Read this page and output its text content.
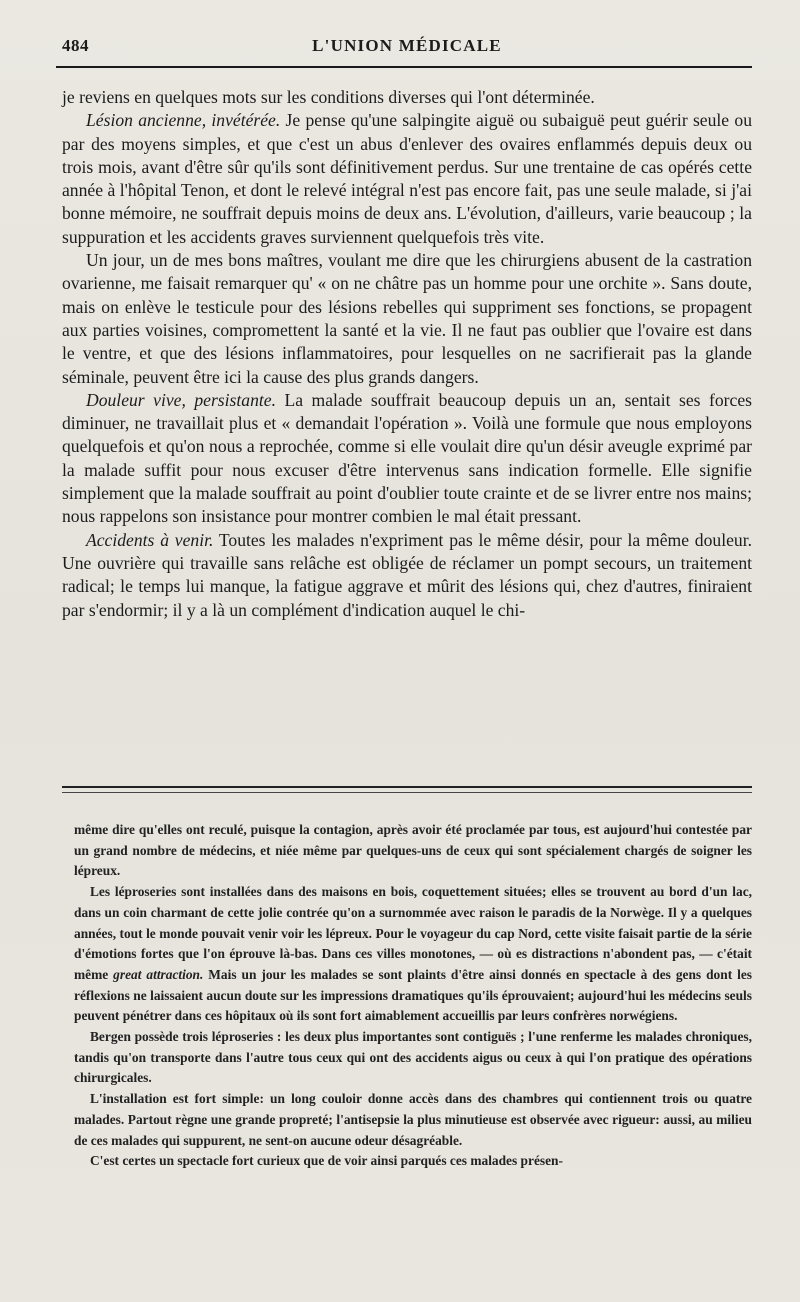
484	L'UNION MÉDICALE

je reviens en quelques mots sur les conditions diverses qui l'ont déterminée.

Lésion ancienne, invétérée. Je pense qu'une salpingite aiguë ou subaiguë peut guérir seule ou par des moyens simples, et que c'est un abus d'enlever des ovaires enflammés depuis deux ou trois mois, avant d'être sûr qu'ils sont définitivement perdus. Sur une trentaine de cas opérés cette année à l'hôpital Tenon, et dont le relevé intégral n'est pas encore fait, pas une seule malade, si j'ai bonne mémoire, ne souffrait depuis moins de deux ans. L'évolution, d'ailleurs, varie beaucoup ; la suppuration et les accidents graves surviennent quelquefois très vite.

Un jour, un de mes bons maîtres, voulant me dire que les chirurgiens abusent de la castration ovarienne, me faisait remarquer qu' « on ne châtre pas un homme pour une orchite ». Sans doute, mais on enlève le testicule pour des lésions rebelles qui suppriment ses fonctions, se propagent aux parties voisines, compromettent la santé et la vie. Il ne faut pas oublier que l'ovaire est dans le ventre, et que des lésions inflammatoires, pour lesquelles on ne sacrifierait pas la glande séminale, peuvent être ici la cause des plus grands dangers.

Douleur vive, persistante. La malade souffrait beaucoup depuis un an, sentait ses forces diminuer, ne travaillait plus et « demandait l'opération ». Voilà une formule que nous employons quelquefois et qu'on nous a reprochée, comme si elle voulait dire qu'un désir aveugle exprimé par la malade suffit pour nous excuser d'être intervenus sans indication formelle. Elle signifie simplement que la malade souffrait au point d'oublier toute crainte et de se livrer entre nos mains; nous rappelons son insistance pour montrer combien le mal était pressant.

Accidents à venir. Toutes les malades n'expriment pas le même désir, pour la même douleur. Une ouvrière qui travaille sans relâche est obligée de réclamer un pompt secours, un traitement radical; le temps lui manque, la fatigue aggrave et mûrit des lésions qui, chez d'autres, finiraient par s'endormir; il y a là un complément d'indication auquel le chi-

même dire qu'elles ont reculé, puisque la contagion, après avoir été proclamée par tous, est aujourd'hui contestée par un grand nombre de médecins, et niée même par quelques-uns de ceux qui sont spécialement chargés de soigner les lépreux.

Les léproseries sont installées dans des maisons en bois, coquettement situées; elles se trouvent au bord d'un lac, dans un coin charmant de cette jolie contrée qu'on a surnommée avec raison le paradis de la Norwège. Il y a quelques années, tout le monde pouvait venir voir les lépreux. Pour le voyageur du cap Nord, cette visite faisait partie de la série d'émotions fortes que l'on éprouve là-bas. Dans ces villes monotones, — où es distractions n'abondent pas, — c'était même great attraction. Mais un jour les malades se sont plaints d'être ainsi donnés en spectacle à des gens dont les réflexions ne laissaient aucun doute sur les impressions dramatiques qu'ils éprouvaient; aujourd'hui les médecins seuls peuvent pénétrer dans ces hôpitaux où ils sont fort aimablement accueillis par leurs confrères norwégiens.

Bergen possède trois léproseries : les deux plus importantes sont contiguës ; l'une renferme les malades chroniques, tandis qu'on transporte dans l'autre tous ceux qui ont des accidents aigus ou ceux à qui l'on pratique des opérations chirurgicales.

L'installation est fort simple: un long couloir donne accès dans des chambres qui contiennent trois ou quatre malades. Partout règne une grande propreté; l'antisepsie la plus minutieuse est observée avec rigueur: aussi, au milieu de ces malades qui suppurent, ne sent-on aucune odeur désagréable.

C'est certes un spectacle fort curieux que de voir ainsi parqués ces malades présen-
